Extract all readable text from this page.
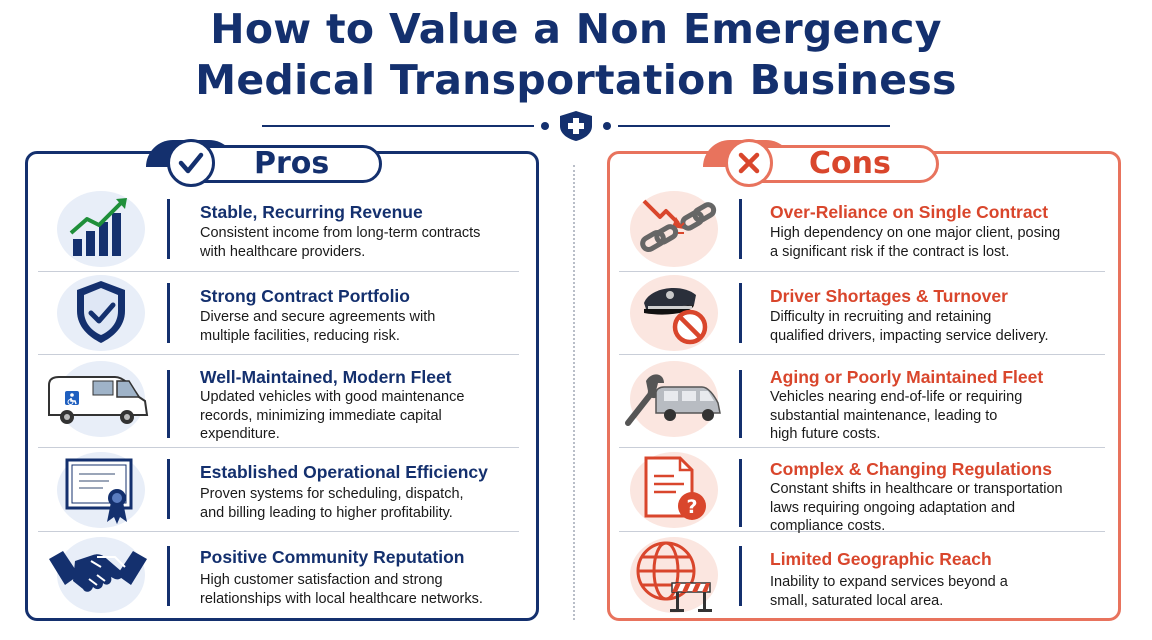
How to Value a Non Emergency
Medical Transportation Business
Pros	Cons
Stable, Recurring Revenue
Consistent income from long-term contracts
with healthcare providers.
Strong Contract Portfolio
Diverse and secure agreements with
multiple facilities, reducing risk.
Well-Maintained, Modern Fleet
Updated vehicles with good maintenance
records, minimizing immediate capital
expenditure.
Established Operational Efficiency
Proven systems for scheduling, dispatch,
and billing leading to higher profitability.
Positive Community Reputation
High customer satisfaction and strong
relationships with local healthcare networks.
Over-Reliance on Single Contract
High dependency on one major client, posing
a significant risk if the contract is lost.
Driver Shortages & Turnover
Difficulty in recruiting and retaining
qualified drivers, impacting service delivery.
Aging or Poorly Maintained Fleet
Vehicles nearing end-of-life or requiring
substantial maintenance, leading to
high future costs.
?
Complex & Changing Regulations
Constant shifts in healthcare or transportation
laws requiring ongoing adaptation and
compliance costs.
Limited Geographic Reach
Inability to expand services beyond a
small, saturated local area.
